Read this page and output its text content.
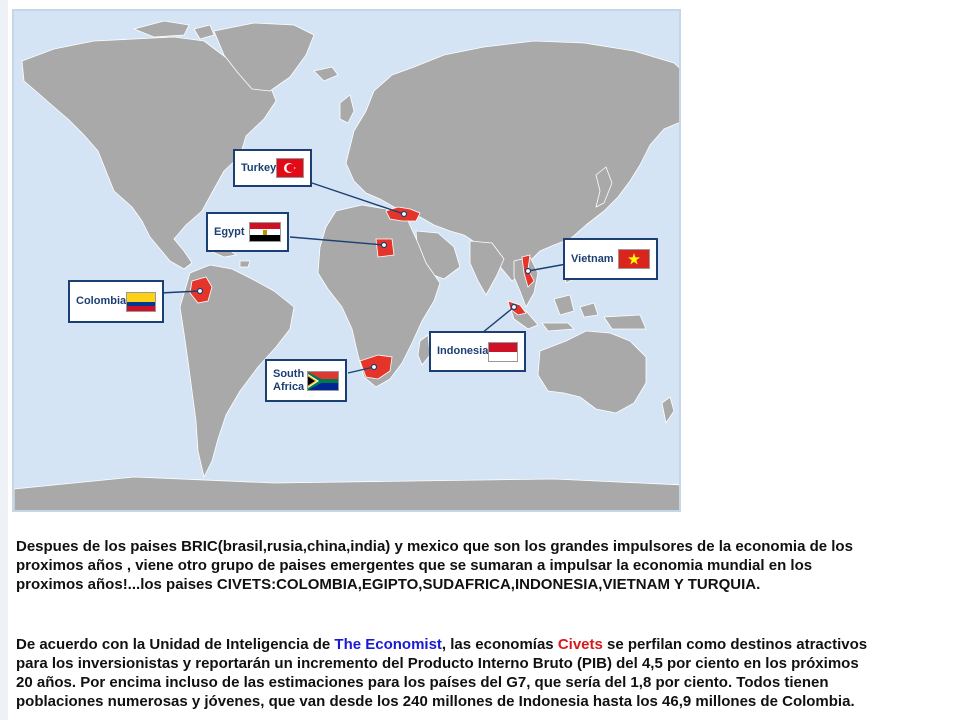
Turkey
Egypt
Vietnam
Colombia
Indonesia
South
Africa
Despues de los paises BRIC(brasil,rusia,china,india) y mexico que son los grandes impulsores de la economia de los
proximos años , viene otro grupo de paises emergentes que se sumaran a impulsar la economia mundial en los
proximos años!...los paises CIVETS:COLOMBIA,EGIPTO,SUDAFRICA,INDONESIA,VIETNAM Y TURQUIA.
De acuerdo con la Unidad de Inteligencia de The Economist, las economías Civets se perfilan como destinos atractivos
para los inversionistas y reportarán un incremento del Producto Interno Bruto (PIB) del 4,5 por ciento en los próximos
20 años. Por encima incluso de las estimaciones para los países del G7, que sería del 1,8 por ciento. Todos tienen
poblaciones numerosas y jóvenes, que van desde los 240 millones de Indonesia hasta los 46,9 millones de Colombia.
